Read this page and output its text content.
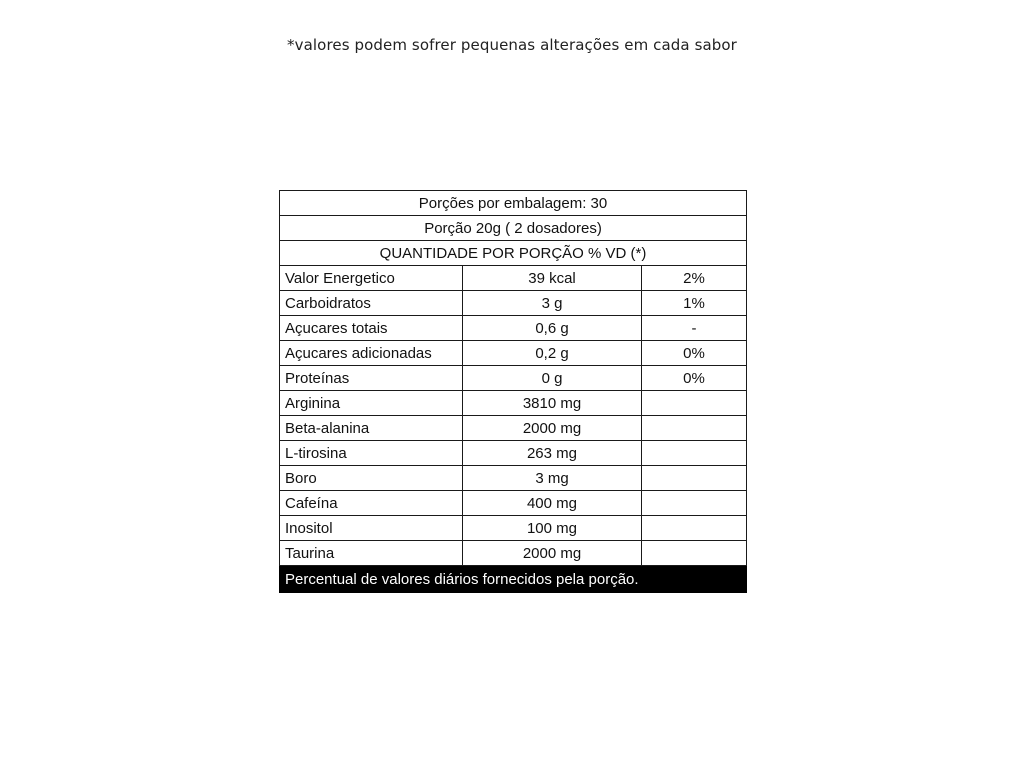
*valores podem sofrer pequenas alterações em cada sabor
Porções por embalagem: 30		
Porção 20g ( 2 dosadores)		
QUANTIDADE POR PORÇÃO % VD (*)		
Valor Energetico	39 kcal	2%
Carboidratos	3 g	1%
Açucares totais	0,6 g	-
Açucares adicionadas	0,2 g	0%
Proteínas	0 g	0%
Arginina	3810 mg	
Beta-alanina	2000 mg	
L-tirosina	263 mg	
Boro	3 mg	
Cafeína	400 mg	
Inositol	100 mg	
Taurina	2000 mg	
Percentual de valores diários fornecidos pela porção.		
